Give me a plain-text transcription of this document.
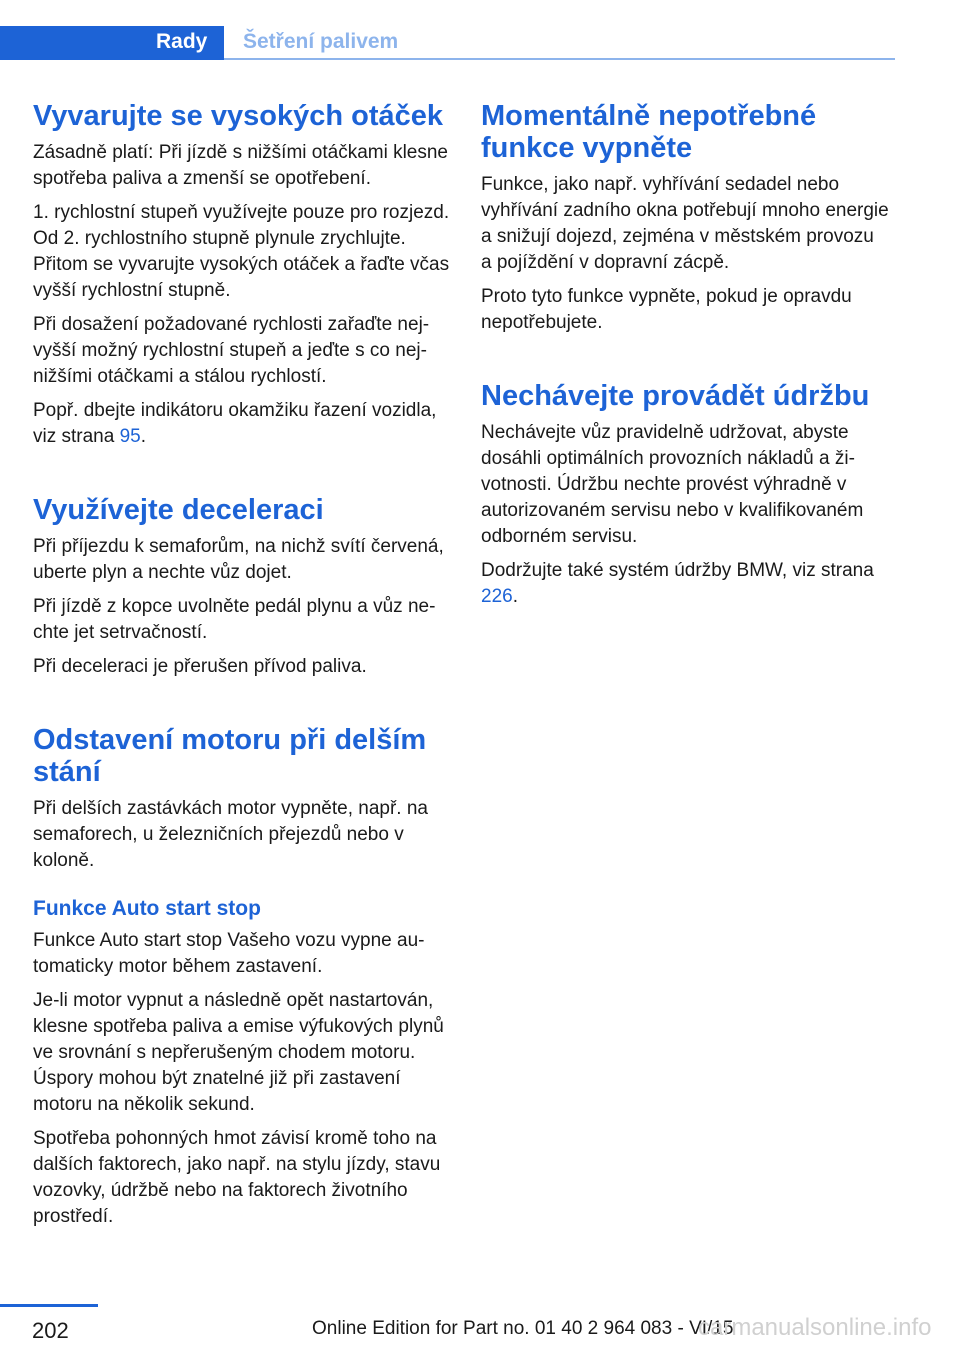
Rady Šetření palivem
Vyvarujte se vysokých otáček

Zásadně platí: Při jízdě s nižšími otáčkami klesne spotřeba paliva a zmenší se opotřebení.

1. rychlostní stupeň využívejte pouze pro rozjezd. Od 2. rychlostního stupně plynule zrychlujte. Přitom se vyvarujte vysokých otáček a řaďte včas vyšší rychlostní stupně.

Při dosažení požadované rychlosti zařaďte nejvyšší možný rychlostní stupeň a jeďte s co nejnižšími otáčkami a stálou rychlostí.

Popř. dbejte indikátoru okamžiku řazení vozidla, viz strana 95.

Využívejte deceleraci

Při příjezdu k semaforům, na nichž svítí červená, uberte plyn a nechte vůz dojet.

Při jízdě z kopce uvolněte pedál plynu a vůz nechte jet setrvačností.

Při deceleraci je přerušen přívod paliva.

Odstavení motoru při delším stání

Při delších zastávkách motor vypněte, např. na semaforech, u železničních přejezdů nebo v koloně.

Funkce Auto start stop

Funkce Auto start stop Vašeho vozu vypne automaticky motor během zastavení.

Je-li motor vypnut a následně opět nastartován, klesne spotřeba paliva a emise výfukových plynů ve srovnání s nepřerušeným chodem motoru. Úspory mohou být znatelné již při zastavení motoru na několik sekund.

Spotřeba pohonných hmot závisí kromě toho na dalších faktorech, jako např. na stylu jízdy, stavu vozovky, údržbě nebo na faktorech životního prostředí.

Momentálně nepotřebné funkce vypněte

Funkce, jako např. vyhřívání sedadel nebo vyhřívání zadního okna potřebují mnoho energie a snižují dojezd, zejména v městském provozu a pojíždění v dopravní zácpě.

Proto tyto funkce vypněte, pokud je opravdu nepotřebujete.

Nechávejte provádět údržbu

Nechávejte vůz pravidelně udržovat, abyste dosáhli optimálních provozních nákladů a životnosti. Údržbu nechte provést výhradně v autorizovaném servisu nebo v kvalifikovaném odborném servisu.

Dodržujte také systém údržby BMW, viz strana 226.

202	Online Edition for Part no. 01 40 2 964 083 - VI/15
carmanualsonline.info
